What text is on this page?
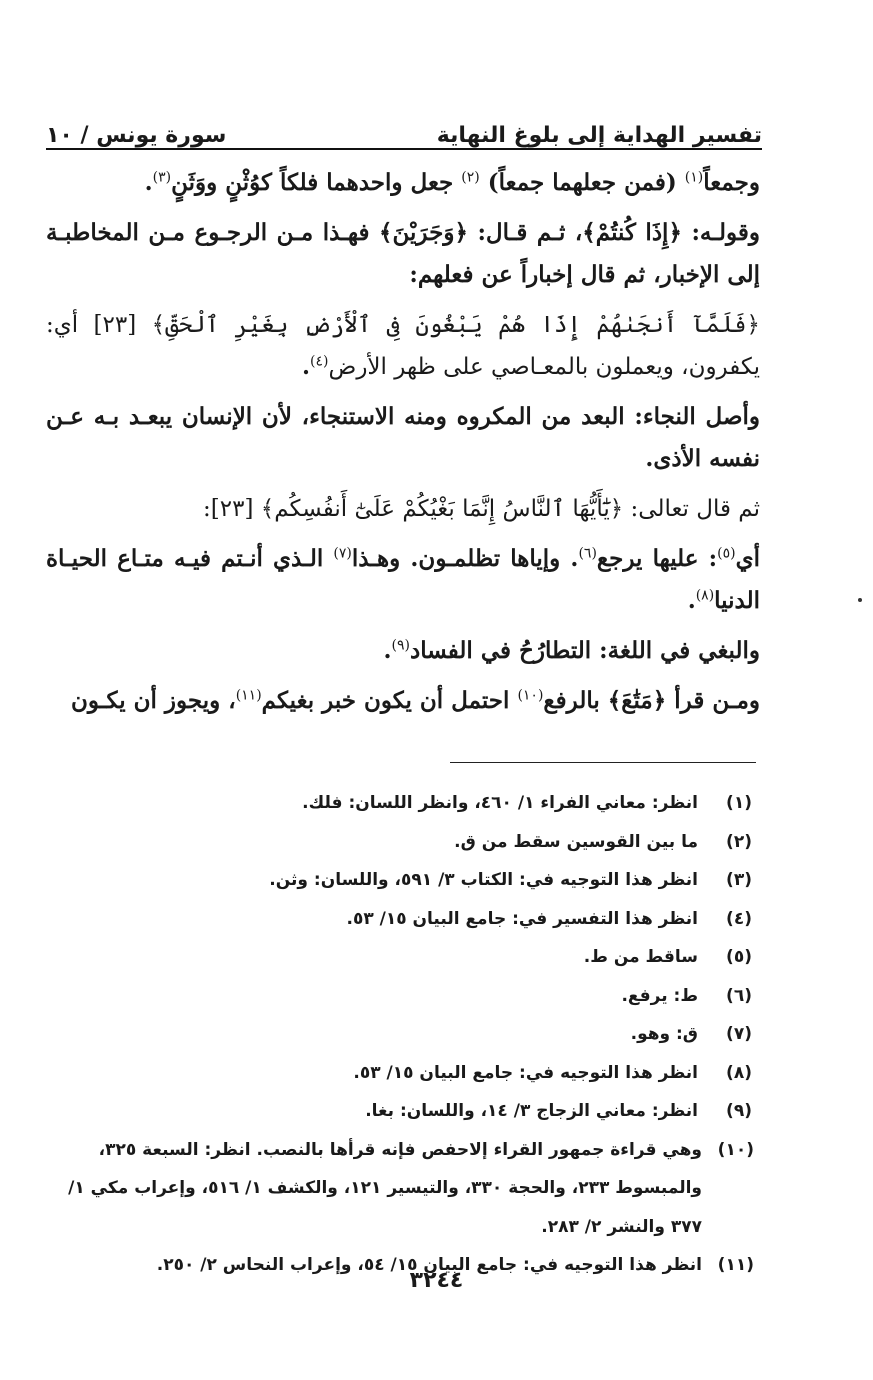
تفسير الهداية إلى بلوغ النهاية
سورة يونس / ١٠

وجمعاً$^{(١)}$ (فمن جعلهما جمعاً) $^{(٢)}$ جعل واحدهما فلكاً كوُثْنٍ ووَثَنٍ$^{(٣)}$.

وقولـه: ﴿إِذَا كُنتُمْ﴾، ثـم قـال: ﴿وَجَرَيْنَ﴾ فهـذا مـن الرجـوع مـن المخاطبـة إلى الإخبار، ثم قال إخباراً عن فعلهم:

﴿فَلَمَّآ أَنجَىٰهُمْ إِذَا هُمْ يَبْغُونَ فِى ٱلْأَرْضِ بِغَيْرِ ٱلْحَقِّ﴾ [٢٣] أي: يكفرون، ويعملون بالمعـاصي على ظهر الأرض$^{(٤)}$.

وأصل النجاء: البعد من المكروه ومنه الاستنجاء، لأن الإنسان يبعـد بـه عـن نفسه الأذى.

ثم قال تعالى: ﴿يَٰٓأَيُّهَا ٱلنَّاسُ إِنَّمَا بَغْيُكُمْ عَلَىٰٓ أَنفُسِكُم﴾ [٢٣]:

أي$^{(٥)}$: عليها يرجع$^{(٦)}$. وإياها تظلمـون. وهـذا$^{(٧)}$ الـذي أنـتم فيـه متـاع الحيـاة الدنيا$^{(٨)}$.

والبغي في اللغة: التطارُحُ في الفساد$^{(٩)}$.

ومـن قرأ ﴿مَتَٰعَ﴾ بالرفع$^{(١٠)}$ احتمل أن يكون خبر بغيكم$^{(١١)}$، ويجوز أن يكـون

(١)
انظر: معاني الفراء ١/ ٤٦٠، وانظر اللسان: فلك.
(٢)
ما بين القوسين سقط من ق.
(٣)
انظر هذا التوجيه في: الكتاب ٣/ ٥٩١، واللسان: وثن.
(٤)
انظر هذا التفسير في: جامع البيان ١٥/ ٥٣.
(٥)
ساقط من ط.
(٦)
ط: يرفع.
(٧)
ق: وهو.
(٨)
انظر هذا التوجيه في: جامع البيان ١٥/ ٥٣.
(٩)
انظر: معاني الزجاج ٣/ ١٤، واللسان: بغا.
(١٠)
وهي قراءة جمهور القراء إلاحفص فإنه قرأها بالنصب. انظر: السبعة ٣٢٥، والمبسوط ٢٣٣، والحجة ٣٣٠، والتيسير ١٢١، والكشف ١/ ٥١٦، وإعراب مكي ١/ ٣٧٧ والنشر ٢/ ٢٨٣.
(١١)
انظر هذا التوجيه في: جامع البيان ١٥/ ٥٤، وإعراب النحاس ٢/ ٢٥٠.
٣٢٤٤
